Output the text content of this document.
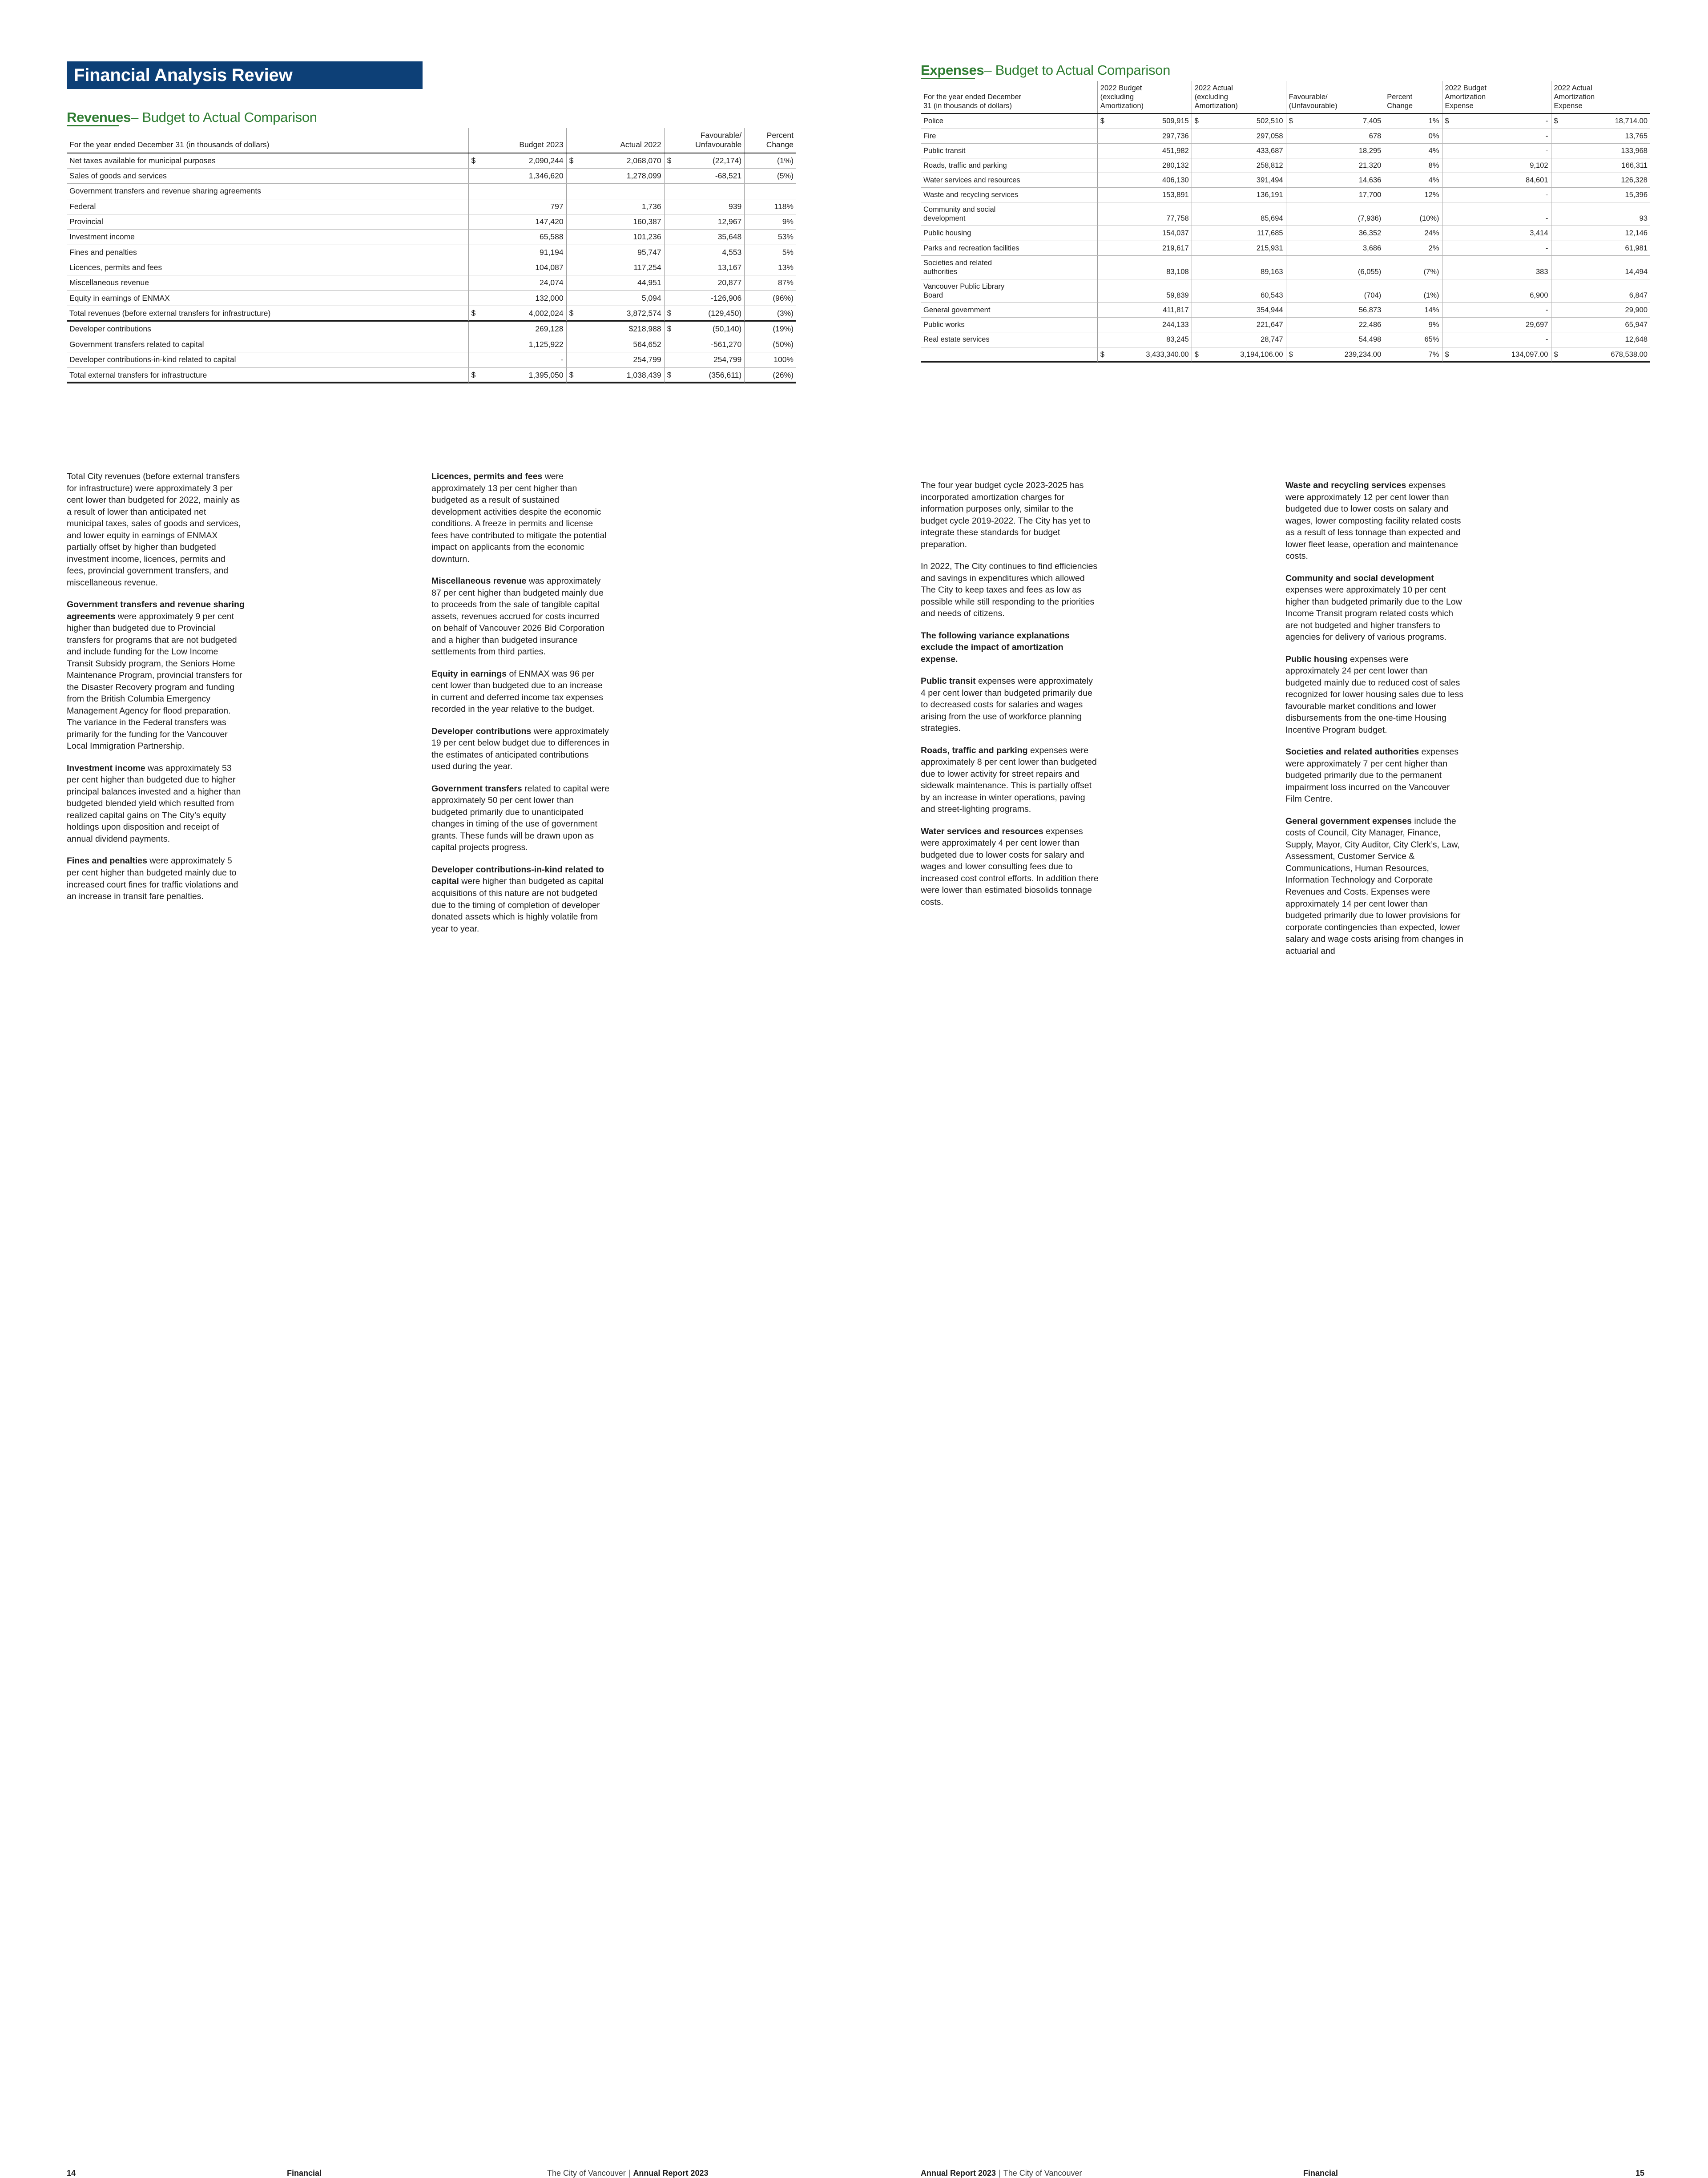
Financial Analysis Review
Revenues– Budget to Actual Comparison
For the year ended December 31 (in thousands of dollars)	Budget 2023		Actual 2022		Favourable/
Unfavourable		Percent
Change
Net taxes available for municipal purposes	$	2,090,244	$	2,068,070	$	(22,174)	(1%)
Sales of goods and services		1,346,620		1,278,099		-68,521	(5%)
Government transfers and revenue sharing agreements							
Federal		797		1,736		939	118%
Provincial		147,420		160,387		12,967	9%
Investment income		65,588		101,236		35,648	53%
Fines and penalties		91,194		95,747		4,553	5%
Licences, permits and fees		104,087		117,254		13,167	13%
Miscellaneous revenue		24,074		44,951		20,877	87%
Equity in earnings of ENMAX		132,000		5,094		-126,906	(96%)
Total revenues (before external transfers for infrastructure)	$	4,002,024	$	3,872,574	$	(129,450)	(3%)
Developer contributions		269,128		$218,988	$	(50,140)	(19%)
Government transfers related to capital		1,125,922		564,652		-561,270	(50%)
Developer contributions-in-kind related to capital		-		254,799		254,799	100%
Total external transfers for infrastructure	$	1,395,050	$	1,038,439	$	(356,611)	(26%)

Total City revenues (before external transfers for infrastructure) were approximately 3 per cent lower than budgeted for 2022, mainly as a result of lower than anticipated net municipal taxes, sales of goods and services, and lower equity in earnings of ENMAX partially offset by higher than budgeted investment income, licences, permits and fees, provincial government transfers, and miscellaneous revenue.

Government transfers and revenue sharing agreements were approximately 9 per cent higher than budgeted due to Provincial transfers for programs that are not budgeted and include funding for the Low Income Transit Subsidy program, the Seniors Home Maintenance Program, provincial transfers for the Disaster Recovery program and funding from the British Columbia Emergency Management Agency for flood preparation. The variance in the Federal transfers was primarily for the funding for the Vancouver Local Immigration Partnership.

Investment income was approximately 53 per cent higher than budgeted due to higher principal balances invested and a higher than budgeted blended yield which resulted from realized capital gains on The City’s equity holdings upon disposition and receipt of annual dividend payments.

Fines and penalties were approximately 5 per cent higher than budgeted mainly due to increased court fines for traffic violations and an increase in transit fare penalties.

Licences, permits and fees were approximately 13 per cent higher than budgeted as a result of sustained development activities despite the economic conditions. A freeze in permits and license fees have contributed to mitigate the potential impact on applicants from the economic downturn.

Miscellaneous revenue was approximately 87 per cent higher than budgeted mainly due to proceeds from the sale of tangible capital assets, revenues accrued for costs incurred on behalf of Vancouver 2026 Bid Corporation and a higher than budgeted insurance settlements from third parties.

Equity in earnings of ENMAX was 96 per cent lower than budgeted due to an increase in current and deferred income tax expenses recorded in the year relative to the budget.

Developer contributions were approximately 19 per cent below budget due to differences in the estimates of anticipated contributions used during the year.

Government transfers related to capital were approximately 50 per cent lower than budgeted primarily due to unanticipated changes in timing of the use of government grants. These funds will be drawn upon as capital projects progress.

Developer contributions-in-kind related to capital were higher than budgeted as capital acquisitions of this nature are not budgeted due to the timing of completion of developer donated assets which is highly volatile from year to year.

14	Financial	The City of Vancouver | Annual Report 2023
Expenses– Budget to Actual Comparison
For the year ended December
31 (in thousands of dollars)	2022 Budget
(excluding
Amortization)		2022 Actual
(excluding
Amortization)		Favourable/
(Unfavourable)		Percent
Change	2022 Budget
Amortization
Expense		2022 Actual
Amortization
Expense	
Police	$	509,915	$	502,510	$	7,405	1%	$	-	$	18,714.00
Fire		297,736		297,058		678	0%		-		13,765
Public transit		451,982		433,687		18,295	4%		-		133,968
Roads, traffic and parking		280,132		258,812		21,320	8%		9,102		166,311
Water services and resources		406,130		391,494		14,636	4%		84,601		126,328
Waste and recycling services		153,891		136,191		17,700	12%		-		15,396
Community and social
development		77,758		85,694		(7,936)	(10%)		-		93
Public housing		154,037		117,685		36,352	24%		3,414		12,146
Parks and recreation facilities		219,617		215,931		3,686	2%		-		61,981
Societies and related
authorities		83,108		89,163		(6,055)	(7%)		383		14,494
Vancouver Public Library
Board		59,839		60,543		(704)	(1%)		6,900		6,847
General government		411,817		354,944		56,873	14%		-		29,900
Public works		244,133		221,647		22,486	9%		29,697		65,947
Real estate services		83,245		28,747		54,498	65%		-		12,648
	$	3,433,340.00	$	3,194,106.00	$	239,234.00	7%	$	134,097.00	$	678,538.00

The four year budget cycle 2023-2025 has incorporated amortization charges for information purposes only, similar to the budget cycle 2019-2022. The City has yet to integrate these standards for budget preparation.

In 2022, The City continues to find efficiencies and savings in expenditures which allowed The City to keep taxes and fees as low as possible while still responding to the priorities and needs of citizens.

The following variance explanations exclude the impact of amortization expense.

Public transit expenses were approximately 4 per cent lower than budgeted primarily due to decreased costs for salaries and wages arising from the use of workforce planning strategies.

Roads, traffic and parking expenses were approximately 8 per cent lower than budgeted due to lower activity for street repairs and sidewalk maintenance. This is partially offset by an increase in winter operations, paving and street-lighting programs.

Water services and resources expenses were approximately 4 per cent lower than budgeted due to lower costs for salary and wages and lower consulting fees due to increased cost control efforts. In addition there were lower than estimated biosolids tonnage costs.

Waste and recycling services expenses were approximately 12 per cent lower than budgeted due to lower costs on salary and wages, lower composting facility related costs as a result of less tonnage than expected and lower fleet lease, operation and maintenance costs.

Community and social development expenses were approximately 10 per cent higher than budgeted primarily due to the Low Income Transit program related costs which are not budgeted and higher transfers to agencies for delivery of various programs.

Public housing expenses were approximately 24 per cent lower than budgeted mainly due to reduced cost of sales recognized for lower housing sales due to less favourable market conditions and lower disbursements from the one-time Housing Incentive Program budget.

Societies and related authorities expenses were approximately 7 per cent higher than budgeted primarily due to the permanent impairment loss incurred on the Vancouver Film Centre.

General government expenses include the costs of Council, City Manager, Finance, Supply, Mayor, City Auditor, City Clerk’s, Law, Assessment, Customer Service & Communications, Human Resources, Information Technology and Corporate Revenues and Costs. Expenses were approximately 14 per cent lower than budgeted primarily due to lower provisions for corporate contingencies than expected, lower salary and wage costs arising from changes in actuarial and

Annual Report 2023 | The City of Vancouver	Financial	15
